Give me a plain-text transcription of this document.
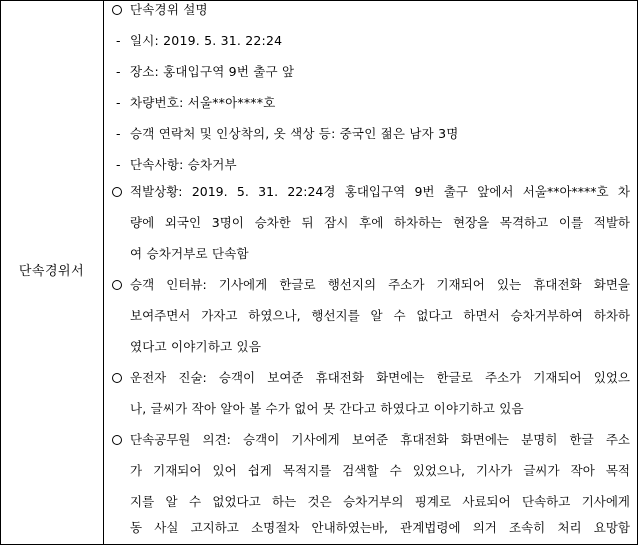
단속경위서
단속경위 설명
- 일시: 2019. 5. 31. 22:24
- 장소: 홍대입구역 9번 출구 앞
- 차량번호: 서울**아****호
- 승객 연락처 및 인상착의, 옷 색상 등: 중국인 젊은 남자 3명
- 단속사항: 승차거부
적발상황: 2019. 5. 31. 22:24경 홍대입구역 9번 출구 앞에서 서울**아****호 차
량에 외국인 3명이 승차한 뒤 잠시 후에 하차하는 현장을 목격하고 이를 적발하
여 승차거부로 단속함
승객 인터뷰: 기사에게 한글로 행선지의 주소가 기재되어 있는 휴대전화 화면을
보여주면서 가자고 하였으나, 행선지를 알 수 없다고 하면서 승차거부하여 하차하
였다고 이야기하고 있음
운전자 진술: 승객이 보여준 휴대전화 화면에는 한글로 주소가 기재되어 있었으
나, 글씨가 작아 알아 볼 수가 없어 못 간다고 하였다고 이야기하고 있음
단속공무원 의견: 승객이 기사에게 보여준 휴대전화 화면에는 분명히 한글 주소
가 기재되어 있어 쉽게 목적지를 검색할 수 있었으나, 기사가 글씨가 작아 목적
지를 알 수 없었다고 하는 것은 승차거부의 핑계로 사료되어 단속하고 기사에게
동 사실 고지하고 소명절차 안내하였는바, 관계법령에 의거 조속히 처리 요망함
